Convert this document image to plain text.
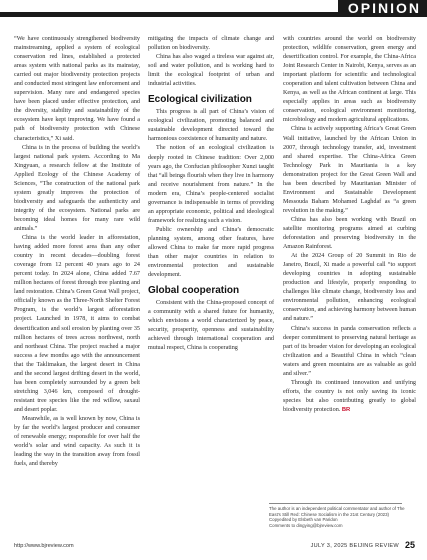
OPINION

“We have continuously strengthened biodiversity mainstreaming, applied a system of ecological conservation red lines, established a protected areas system with national parks as its mainstay, carried out major biodiversity protection projects and conducted most stringent law enforcement and supervision. Many rare and endangered species have been placed under effective protection, and the diversity, stability and sustainability of the ecosystem have kept improving. We have found a path of biodiversity protection with Chinese characteristics,” Xi said.

China is in the process of building the world’s largest national park system. According to Ma Xingyuan, a research fellow at the Institute of Applied Ecology of the Chinese Academy of Sciences, “The construction of the national park system greatly improves the protection of biodiversity and safeguards the authenticity and integrity of the ecosystem. National parks are becoming ideal homes for many rare wild animals.”

China is the world leader in afforestation, having added more forest area than any other country in recent decades—doubling forest coverage from 12 percent 40 years ago to 24 percent today. In 2024 alone, China added 7.67 million hectares of forest through tree planting and land restoration. China’s Green Great Wall project, officially known as the Three-North Shelter Forest Program, is the world’s largest afforestation project. Launched in 1978, it aims to combat desertification and soil erosion by planting over 35 million hectares of trees across northwest, north and northeast China. The project reached a major success a few months ago with the announcement that the Taklimakan, the largest desert in China and the second largest drifting desert in the world, has been completely surrounded by a green belt stretching 3,046 km, composed of drought-resistant tree species like the red willow, saxaul and desert poplar.

Meanwhile, as is well known by now, China is by far the world’s largest producer and consumer of renewable energy; responsible for over half the world’s solar and wind capacity. As such it is leading the way in the transition away from fossil fuels, and thereby

mitigating the impacts of climate change and pollution on biodiversity.

China has also waged a tireless war against air, soil and water pollution, and is working hard to limit the ecological footprint of urban and industrial activities.

Ecological civilization

This progress is all part of China’s vision of ecological civilization, promoting balanced and sustainable development directed toward the harmonious coexistence of humanity and nature.

The notion of an ecological civilization is deeply rooted in Chinese tradition: Over 2,000 years ago, the Confucian philosopher Xunzi taught that “all beings flourish when they live in harmony and receive nourishment from nature.” In the modern era, China’s people-centered socialist governance is indispensable in terms of providing an appropriate economic, political and ideological framework for realizing such a vision.

Public ownership and China’s democratic planning system, among other features, have allowed China to make far more rapid progress than other major countries in relation to environmental protection and sustainable development.

Global cooperation

Consistent with the China-proposed concept of a community with a shared future for humanity, which envisions a world characterized by peace, security, prosperity, openness and sustainability achieved through international cooperation and mutual respect, China is cooperating

with countries around the world on biodiversity protection, wildlife conservation, green energy and desertification control. For example, the China-Africa Joint Research Center in Nairobi, Kenya, serves as an important platform for scientific and technological cooperation and talent cultivation between China and Kenya, as well as the African continent at large. This especially applies in areas such as biodiversity conservation, ecological environment monitoring, microbiology and modern agricultural applications.

China is actively supporting Africa’s Great Green Wall initiative, launched by the African Union in 2007, through technology transfer, aid, investment and shared expertise. The China-Africa Green Technology Park in Mauritania is a key demonstration project for the Great Green Wall and has been described by Mauritanian Minister of Environment and Sustainable Development Messouda Baham Mohamed Laghdaf as “a green revolution in the making.”

China has also been working with Brazil on satellite monitoring programs aimed at curbing deforestation and preserving biodiversity in the Amazon Rainforest.

At the 2024 Group of 20 Summit in Rio de Janeiro, Brazil, Xi made a powerful call “to support developing countries in adopting sustainable production and lifestyle, properly responding to challenges like climate change, biodiversity loss and environmental pollution, enhancing ecological conservation, and achieving harmony between human and nature.”

China’s success in panda conservation reflects a deeper commitment to preserving natural heritage as part of its broader vision for developing an ecological civilization and a Beautiful China in which “clean waters and green mountains are as valuable as gold and silver.”

Through its continued innovation and unifying efforts, the country is not only saving its iconic species but also contributing greatly to global biodiversity protection. BR

The author is an independent political commentator and author of The
East’s Still Red: Chinese Socialism in the 21st Century (2023)
Copyedited by Elsbeth van Paridon
Comments to dingying@bjreview.com
http://www.bjreview.com	JULY 3, 2025 BEIJING REVIEW 25
